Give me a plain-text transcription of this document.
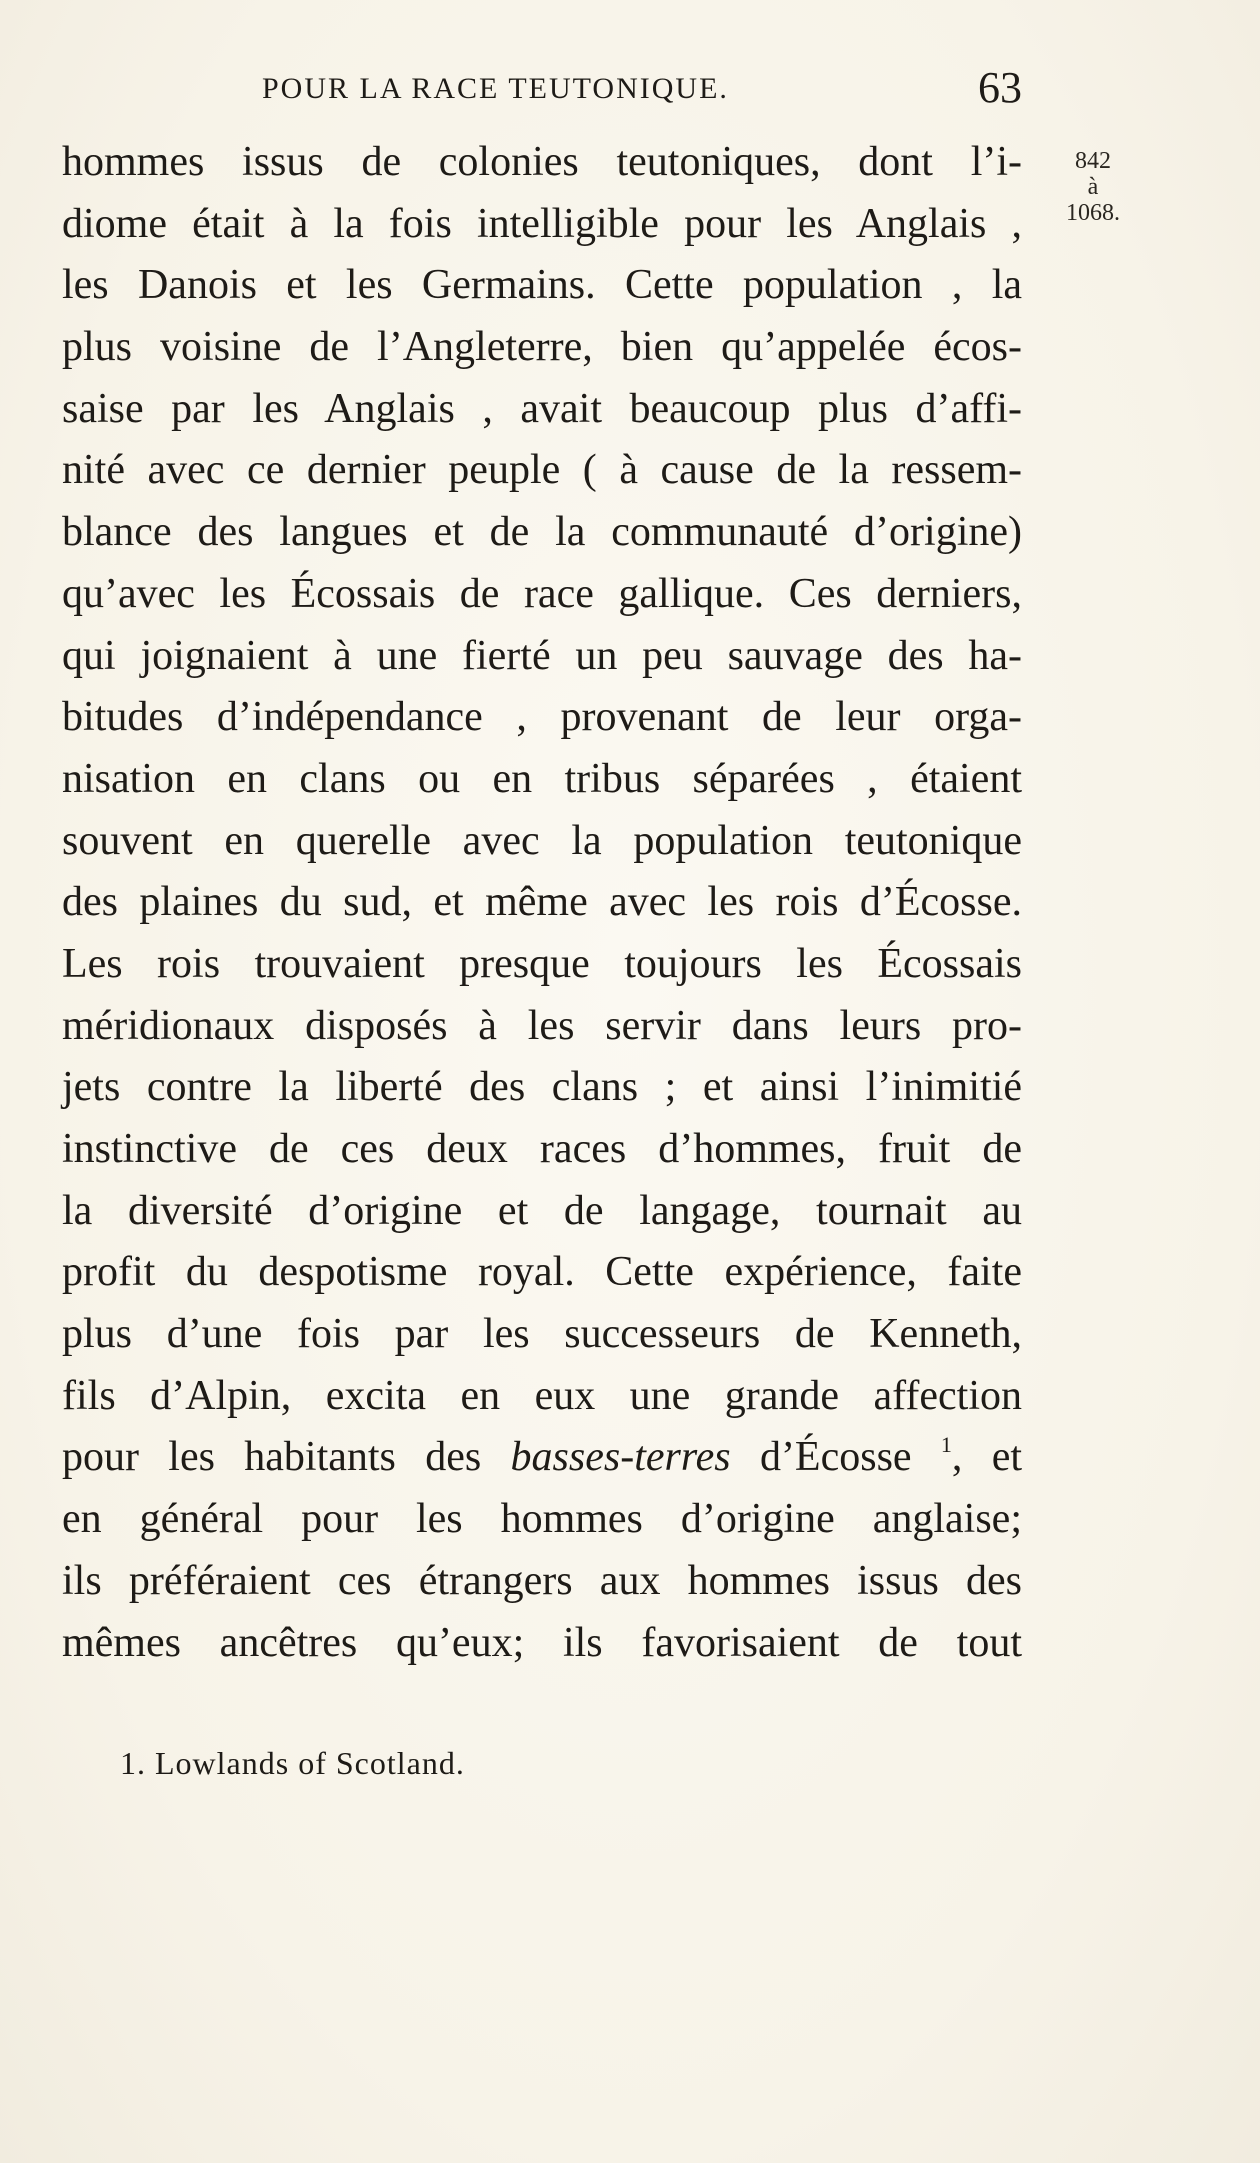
POUR LA RACE TEUTONIQUE.	63
842
à
1068.
hommes issus de colonies teutoniques, dont l’i-
diome était à la fois intelligible pour les Anglais ,
les Danois et les Germains. Cette population , la
plus voisine de l’Angleterre, bien qu’appelée écos-
saise par les Anglais , avait beaucoup plus d’affi-
nité avec ce dernier peuple ( à cause de la ressem-
blance des langues et de la communauté d’origine)
qu’avec les Écossais de race gallique. Ces derniers,
qui joignaient à une fierté un peu sauvage des ha-
bitudes d’indépendance , provenant de leur orga-
nisation en clans ou en tribus séparées , étaient
souvent en querelle avec la population teutonique
des plaines du sud, et même avec les rois d’Écosse.
Les rois trouvaient presque toujours les Écossais
méridionaux disposés à les servir dans leurs pro-
jets contre la liberté des clans ; et ainsi l’inimitié
instinctive de ces deux races d’hommes, fruit de
la diversité d’origine et de langage, tournait au
profit du despotisme royal. Cette expérience, faite
plus d’une fois par les successeurs de Kenneth,
fils d’Alpin, excita en eux une grande affection
pour les habitants des basses-terres d’Écosse $^1$, et
en général pour les hommes d’origine anglaise;
ils préféraient ces étrangers aux hommes issus des
mêmes ancêtres qu’eux; ils favorisaient de tout
1. Lowlands of Scotland.
